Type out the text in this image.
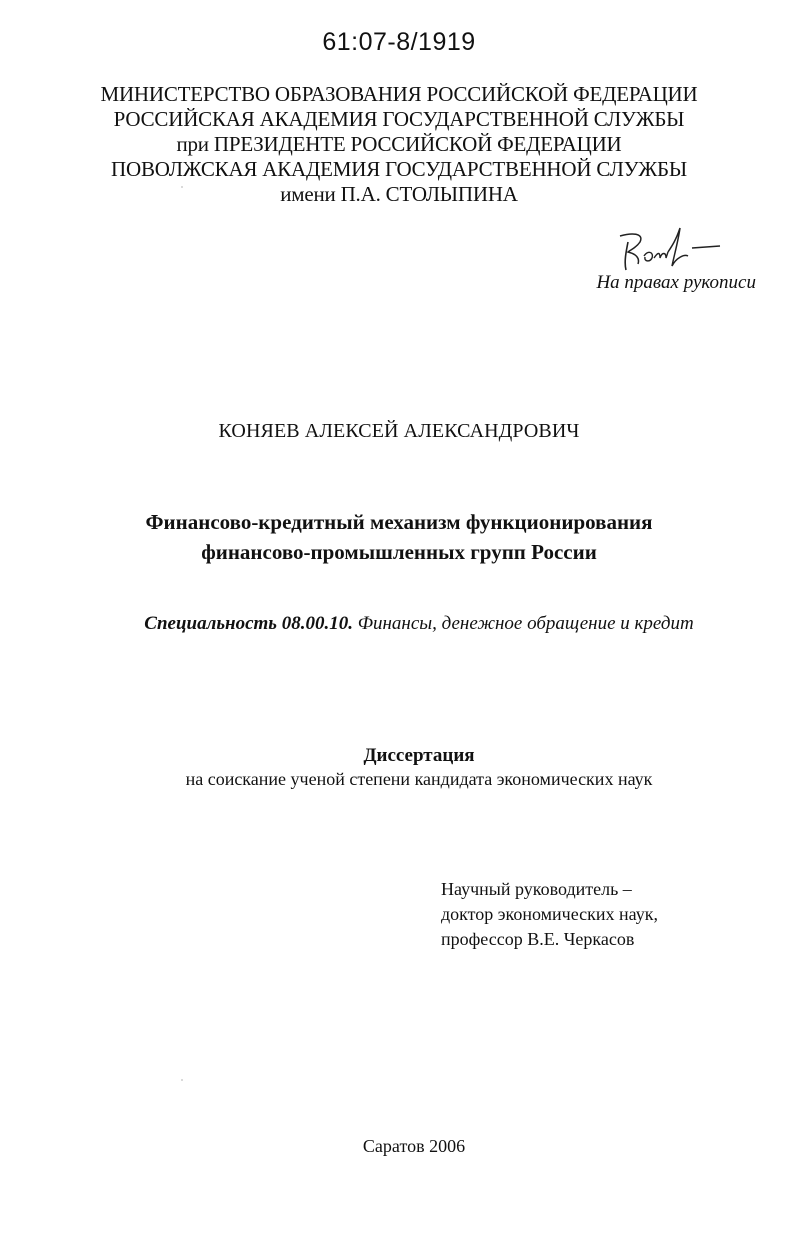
61:07-8/1919
МИНИСТЕРСТВО ОБРАЗОВАНИЯ РОССИЙСКОЙ ФЕДЕРАЦИИ
РОССИЙСКАЯ АКАДЕМИЯ ГОСУДАРСТВЕННОЙ СЛУЖБЫ
при ПРЕЗИДЕНТЕ РОССИЙСКОЙ ФЕДЕРАЦИИ
ПОВОЛЖСКАЯ АКАДЕМИЯ ГОСУДАРСТВЕННОЙ СЛУЖБЫ
имени П.А. СТОЛЫПИНА
На правах рукописи
КОНЯЕВ АЛЕКСЕЙ АЛЕКСАНДРОВИЧ
Финансово-кредитный механизм функционирования
финансово-промышленных групп России
Специальность 08.00.10. Финансы, денежное обращение и кредит
Диссертация
на соискание ученой степени кандидата экономических наук
Научный руководитель –
доктор экономических наук,
профессор В.Е. Черкасов
Саратов 2006
